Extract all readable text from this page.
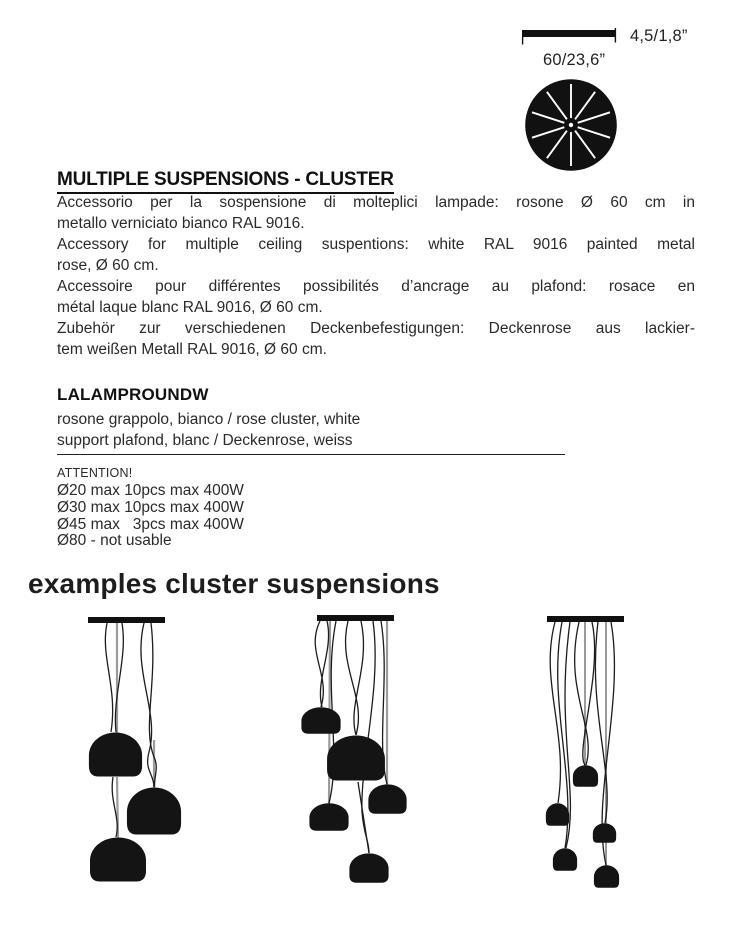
4,5/1,8”
60/23,6”
MULTIPLE SUSPENSIONS - CLUSTER
Accessorio per la sospensione di molteplici lampade: rosone Ø 60 cm in
metallo verniciato bianco RAL 9016.
Accessory for multiple ceiling suspentions: white RAL 9016 painted metal
rose, Ø 60 cm.
Accessoire pour différentes possibilités d’ancrage au plafond: rosace en
métal laque blanc RAL 9016, Ø 60 cm.
Zubehör zur verschiedenen Deckenbefestigungen: Deckenrose aus lackier-
tem weißen Metall RAL 9016, Ø 60 cm.
LALAMPROUNDW
rosone grappolo, bianco / rose cluster, white
support plafond, blanc / Deckenrose, weiss
ATTENTION!
Ø20 max 10pcs max 400W
Ø30 max 10pcs max 400W
Ø45 max   3pcs max 400W
Ø80 - not usable
examples cluster suspensions
